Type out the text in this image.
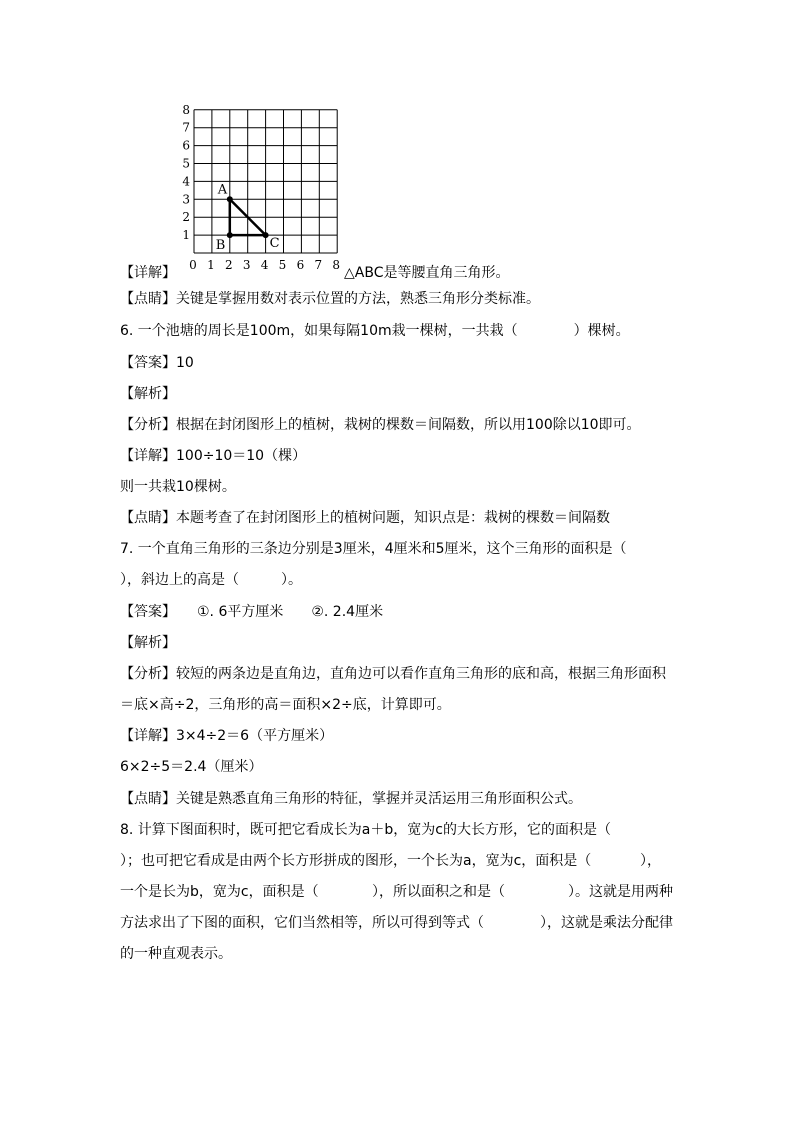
1
2
3
4
5
6
7
8
0 1 2 3 4 5 6 7 8
A
B	C
【详解】	△ABC是等腰直角三角形。
【点睛】关键是掌握用数对表示位置的方法，熟悉三角形分类标准。
6. 一个池塘的周长是100m，如果每隔10m栽一棵树，一共栽（　　　　）棵树。
【答案】10
【解析】
【分析】根据在封闭图形上的植树，栽树的棵数＝间隔数，所以用100除以10即可。
【详解】100÷10＝10（棵）
则一共栽10棵树。
【点睛】本题考查了在封闭图形上的植树问题，知识点是：栽树的棵数＝间隔数
7. 一个直角三角形的三条边分别是3厘米，4厘米和5厘米，这个三角形的面积是（
），斜边上的高是（　　　）。
【答案】　　①. 6平方厘米　　②. 2.4厘米
【解析】
【分析】较短的两条边是直角边，直角边可以看作直角三角形的底和高，根据三角形面积
＝底×高÷2，三角形的高＝面积×2÷底，计算即可。
【详解】3×4÷2＝6（平方厘米）
6×2÷5＝2.4（厘米）
【点睛】关键是熟悉直角三角形的特征，掌握并灵活运用三角形面积公式。
8. 计算下图面积时，既可把它看成长为a＋b，宽为c的大长方形，它的面积是（
）；也可把它看成是由两个长方形拼成的图形，一个长为a，宽为c，面积是（	），
一个是长为b，宽为c，面积是（	），所以面积之和是（	）。这就是用两种
方法求出了下图的面积，它们当然相等，所以可得到等式（	），这就是乘法分配律
的一种直观表示。
